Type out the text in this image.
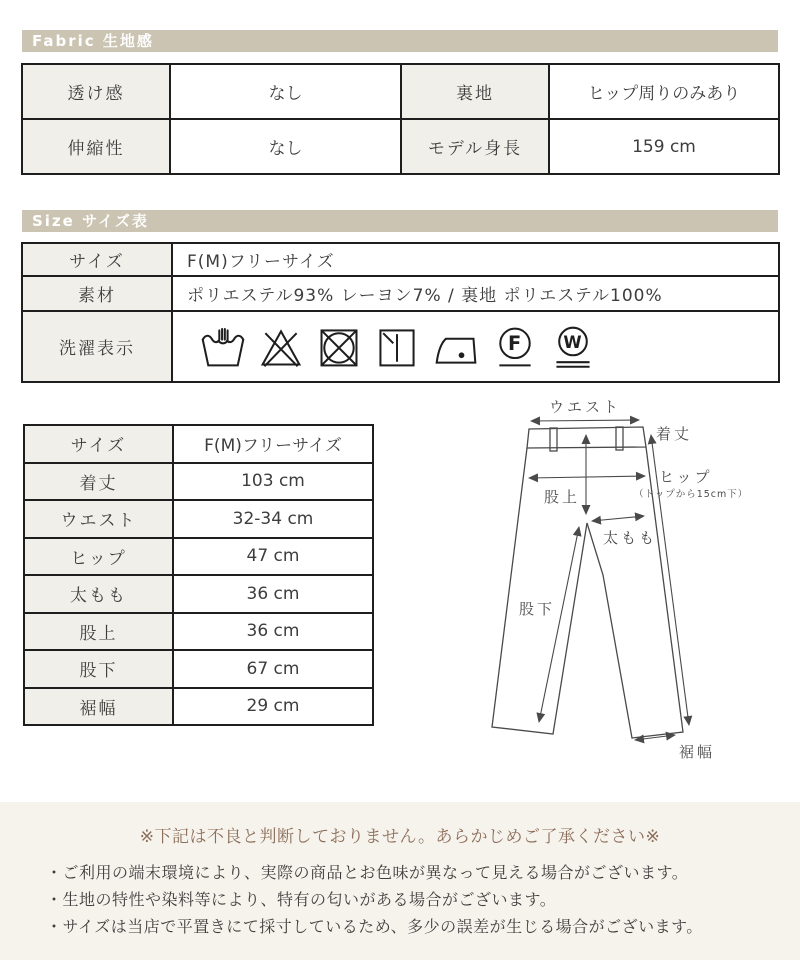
Fabric 生地感
透け感	なし	裏地	ヒップ周りのみあり
伸縮性	なし	モデル身長	159 cm
Size サイズ表
サイズ	F(M)フリーサイズ
素材	ポリエステル93% レーヨン7% / 裏地 ポリエステル100%
洗濯表示	F W
サイズ	F(M)フリーサイズ
着丈	103 cm
ウエスト	32-34 cm
ヒップ	47 cm
太もも	36 cm
股上	36 cm
股下	67 cm
裾幅	29 cm
ウエスト
着丈
ヒップ
（トップから15cm下）
股上
太もも
股下
裾幅
※下記は不良と判断しておりません。あらかじめご了承ください※
・ご利用の端末環境により、実際の商品とお色味が異なって見える場合がございます。
・生地の特性や染料等により、特有の匂いがある場合がございます。
・サイズは当店で平置きにて採寸しているため、多少の誤差が生じる場合がございます。
